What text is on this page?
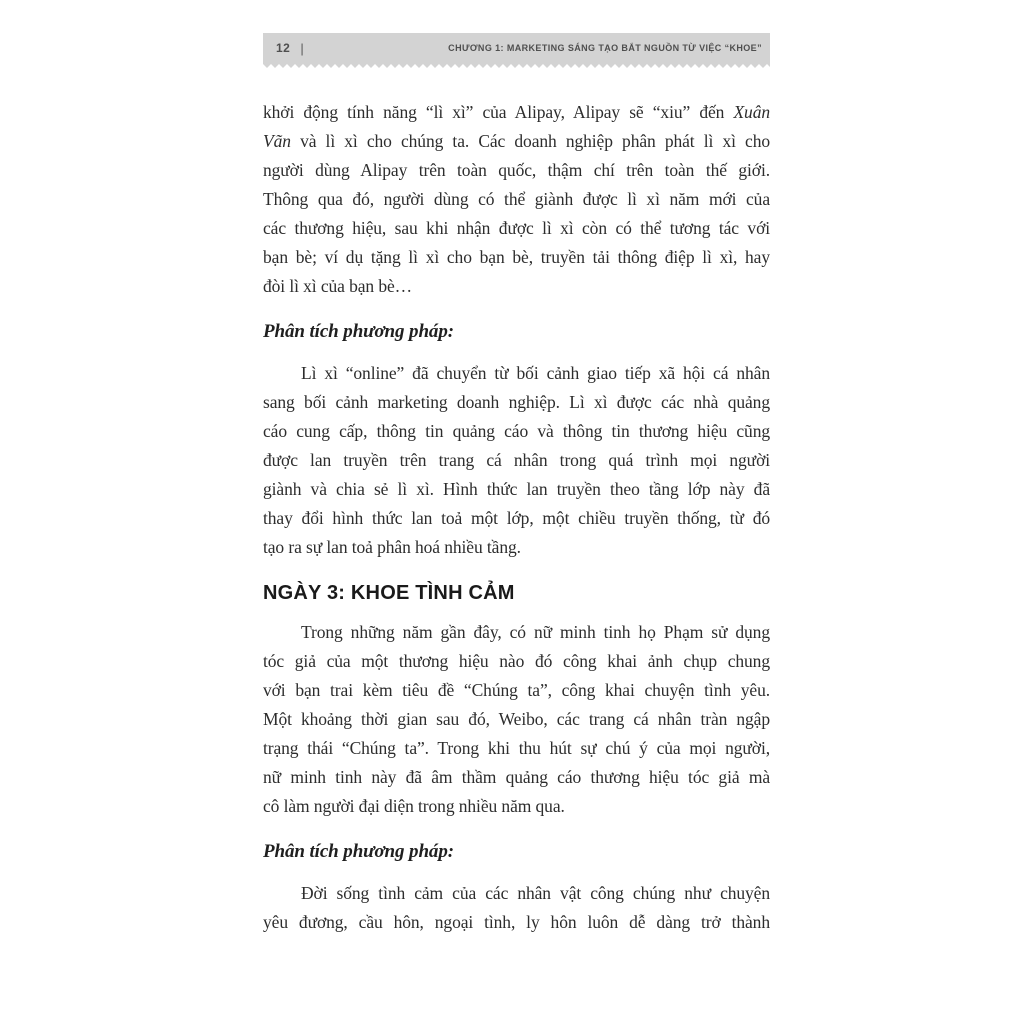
12 |	CHƯƠNG 1: MARKETING SÁNG TẠO BẮT NGUỒN TỪ VIỆC “KHOE”
khởi động tính năng “lì xì” của Alipay, Alipay sẽ “xiu” đến Xuân
Vãn và lì xì cho chúng ta. Các doanh nghiệp phân phát lì xì cho
người dùng Alipay trên toàn quốc, thậm chí trên toàn thế giới.
Thông qua đó, người dùng có thể giành được lì xì năm mới của
các thương hiệu, sau khi nhận được lì xì còn có thể tương tác với
bạn bè; ví dụ tặng lì xì cho bạn bè, truyền tải thông điệp lì xì, hay
đòi lì xì của bạn bè…
Phân tích phương pháp:
Lì xì “online” đã chuyển từ bối cảnh giao tiếp xã hội cá nhân
sang bối cảnh marketing doanh nghiệp. Lì xì được các nhà quảng
cáo cung cấp, thông tin quảng cáo và thông tin thương hiệu cũng
được lan truyền trên trang cá nhân trong quá trình mọi người
giành và chia sẻ lì xì. Hình thức lan truyền theo tầng lớp này đã
thay đổi hình thức lan toả một lớp, một chiều truyền thống, từ đó
tạo ra sự lan toả phân hoá nhiều tầng.
NGÀY 3: KHOE TÌNH CẢM
Trong những năm gần đây, có nữ minh tinh họ Phạm sử dụng
tóc giả của một thương hiệu nào đó công khai ảnh chụp chung
với bạn trai kèm tiêu đề “Chúng ta”, công khai chuyện tình yêu.
Một khoảng thời gian sau đó, Weibo, các trang cá nhân tràn ngập
trạng thái “Chúng ta”. Trong khi thu hút sự chú ý của mọi người,
nữ minh tinh này đã âm thầm quảng cáo thương hiệu tóc giả mà
cô làm người đại diện trong nhiều năm qua.
Phân tích phương pháp:
Đời sống tình cảm của các nhân vật công chúng như chuyện
yêu đương, cầu hôn, ngoại tình, ly hôn luôn dễ dàng trở thành
